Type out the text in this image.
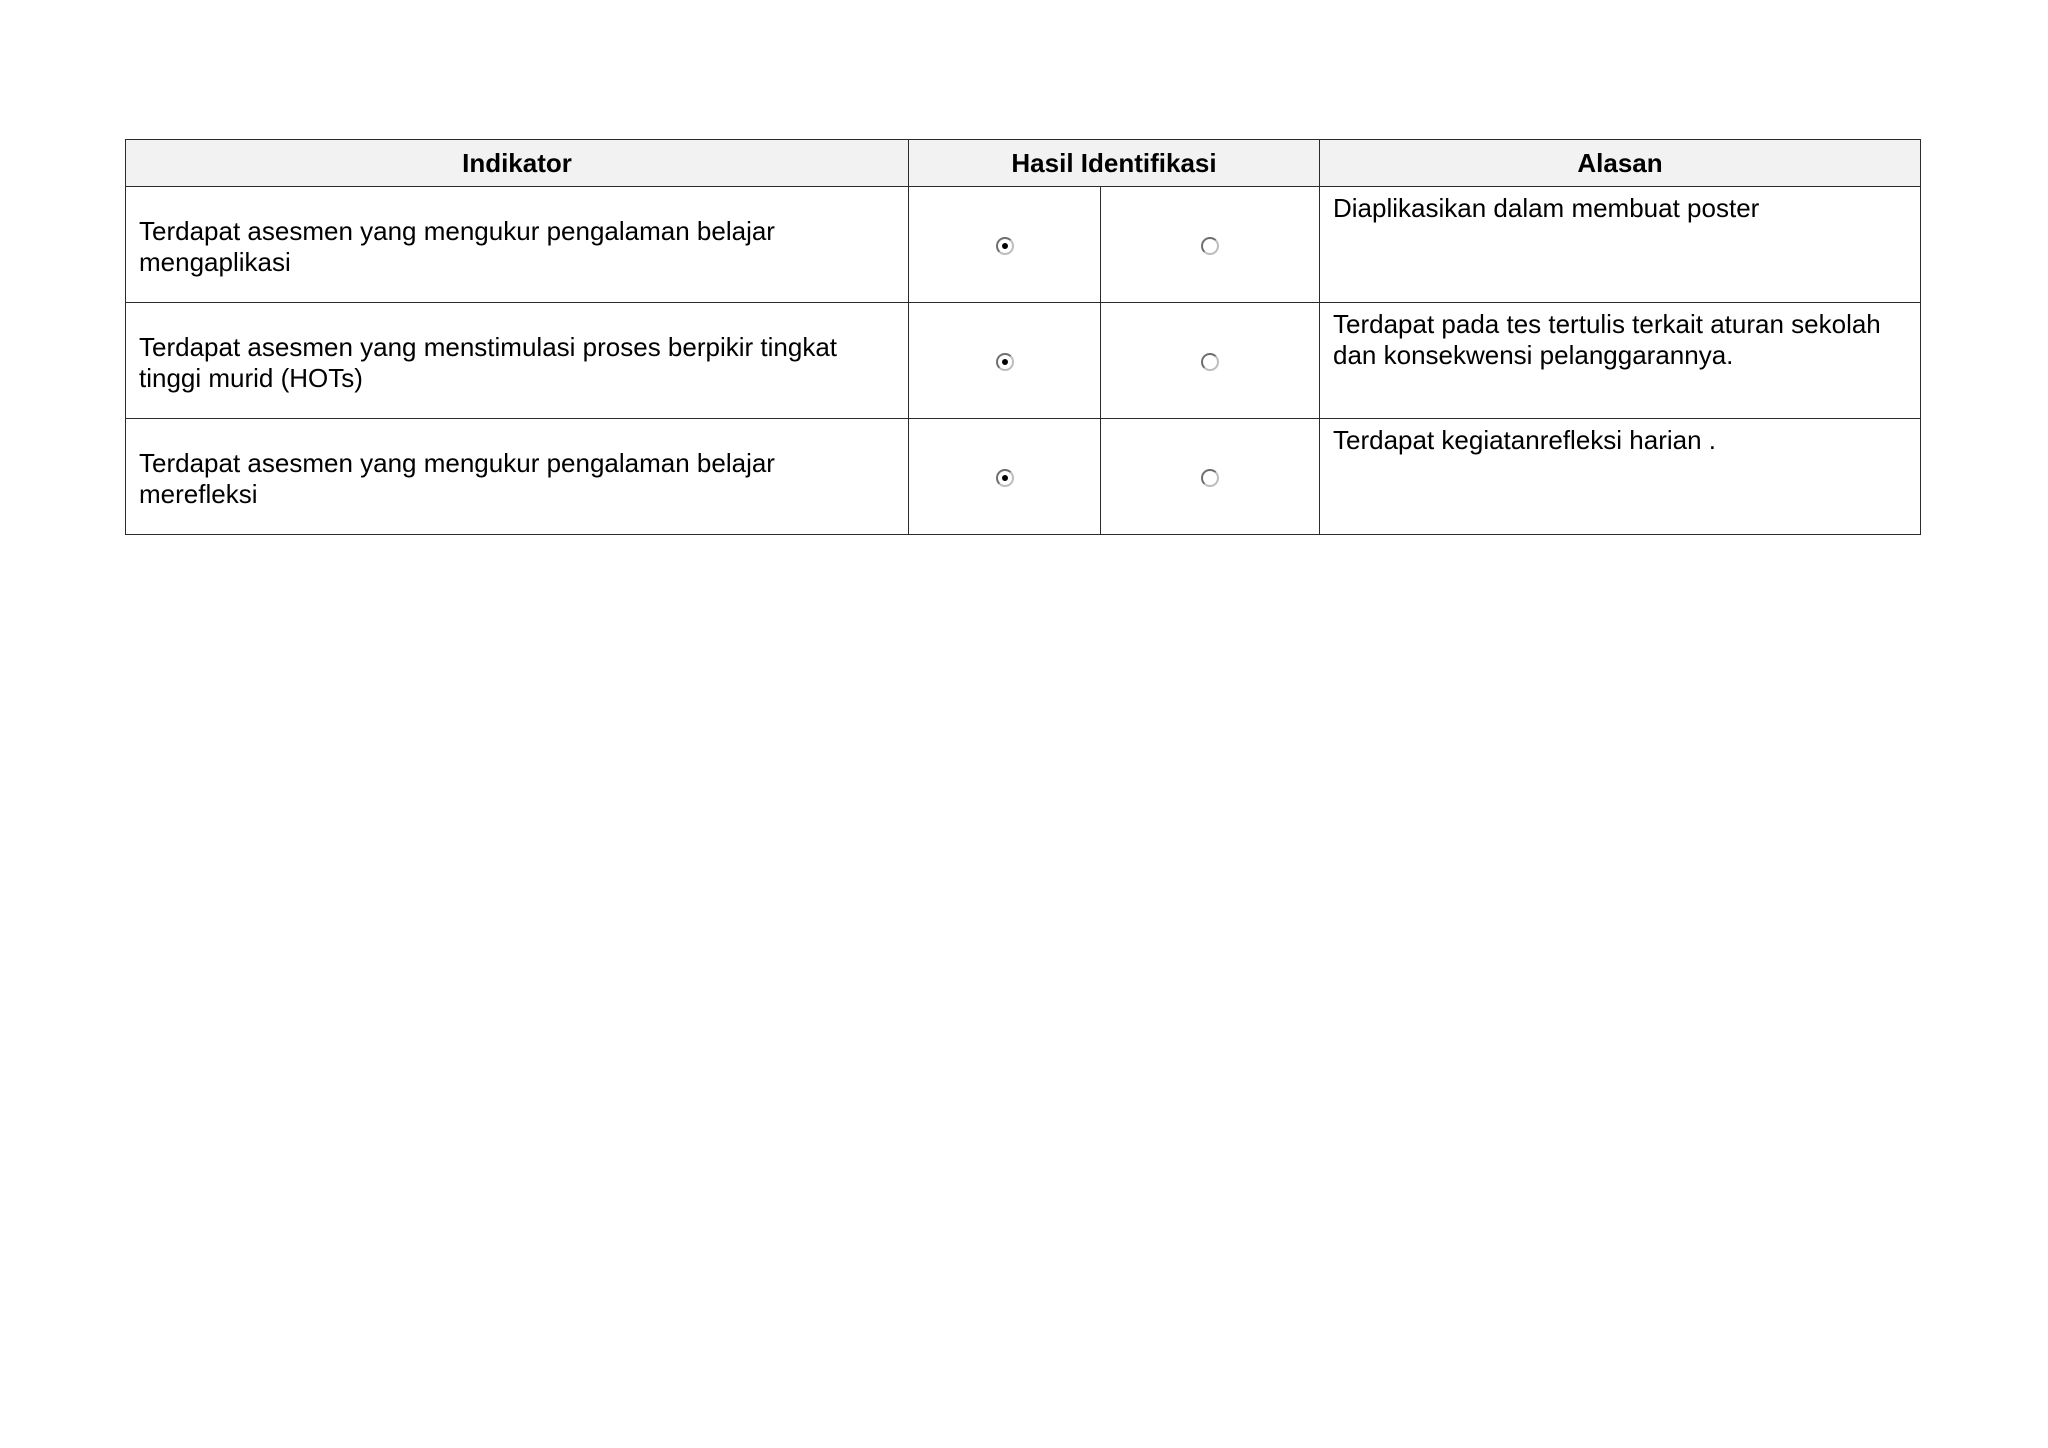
Indikator	Hasil Identifikasi		Alasan
Terdapat asesmen yang mengukur pengalaman belajar mengaplikasi			Diaplikasikan dalam membuat poster
Terdapat asesmen yang menstimulasi proses berpikir tingkat tinggi murid (HOTs)			Terdapat pada tes tertulis terkait aturan sekolah dan konsekwensi pelanggarannya.
Terdapat asesmen yang mengukur pengalaman belajar merefleksi			Terdapat kegiatanrefleksi harian .
